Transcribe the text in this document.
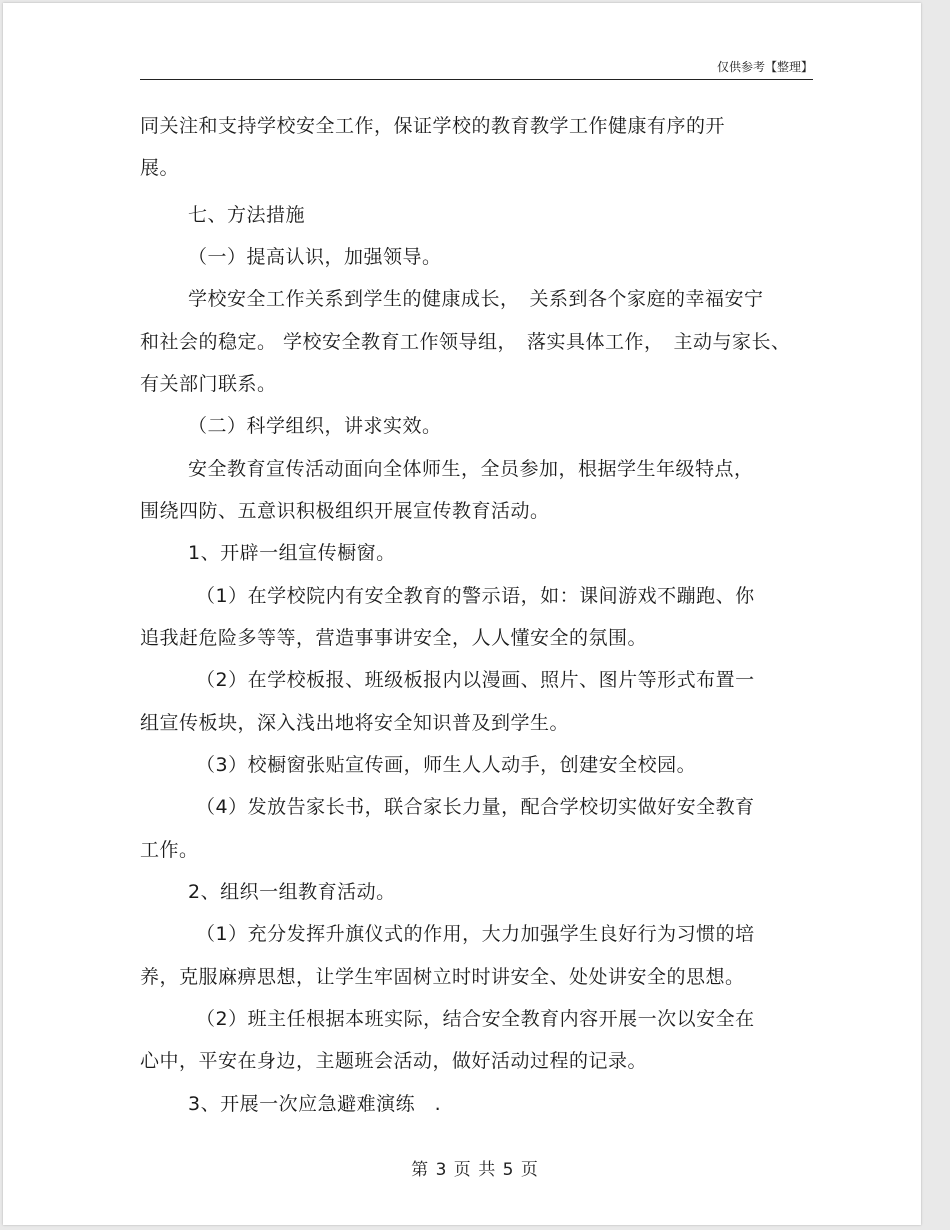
仅供参考【整理】
同关注和支持学校安全工作，保证学校的教育教学工作健康有序的开
展。
七、方法措施
（一）提高认识，加强领导。
学校安全工作关系到学生的健康成长，　关系到各个家庭的幸福安宁
和社会的稳定。 学校安全教育工作领导组，　落实具体工作，　主动与家长、
有关部门联系。
（二）科学组织，讲求实效。
安全教育宣传活动面向全体师生，全员参加，根据学生年级特点，
围绕四防、五意识积极组织开展宣传教育活动。
1、开辟一组宣传橱窗。
（1）在学校院内有安全教育的警示语，如：课间游戏不蹦跑、你
追我赶危险多等等，营造事事讲安全，人人懂安全的氛围。
（2）在学校板报、班级板报内以漫画、照片、图片等形式布置一
组宣传板块，深入浅出地将安全知识普及到学生。
（3）校橱窗张贴宣传画，师生人人动手，创建安全校园。
（4）发放告家长书，联合家长力量，配合学校切实做好安全教育
工作。
2、组织一组教育活动。
（1）充分发挥升旗仪式的作用，大力加强学生良好行为习惯的培
养，克服麻痹思想，让学生牢固树立时时讲安全、处处讲安全的思想。
（2）班主任根据本班实际，结合安全教育内容开展一次以安全在
心中，平安在身边，主题班会活动，做好活动过程的记录。
3、开展一次应急避难演练　.
第 3 页 共 5 页
